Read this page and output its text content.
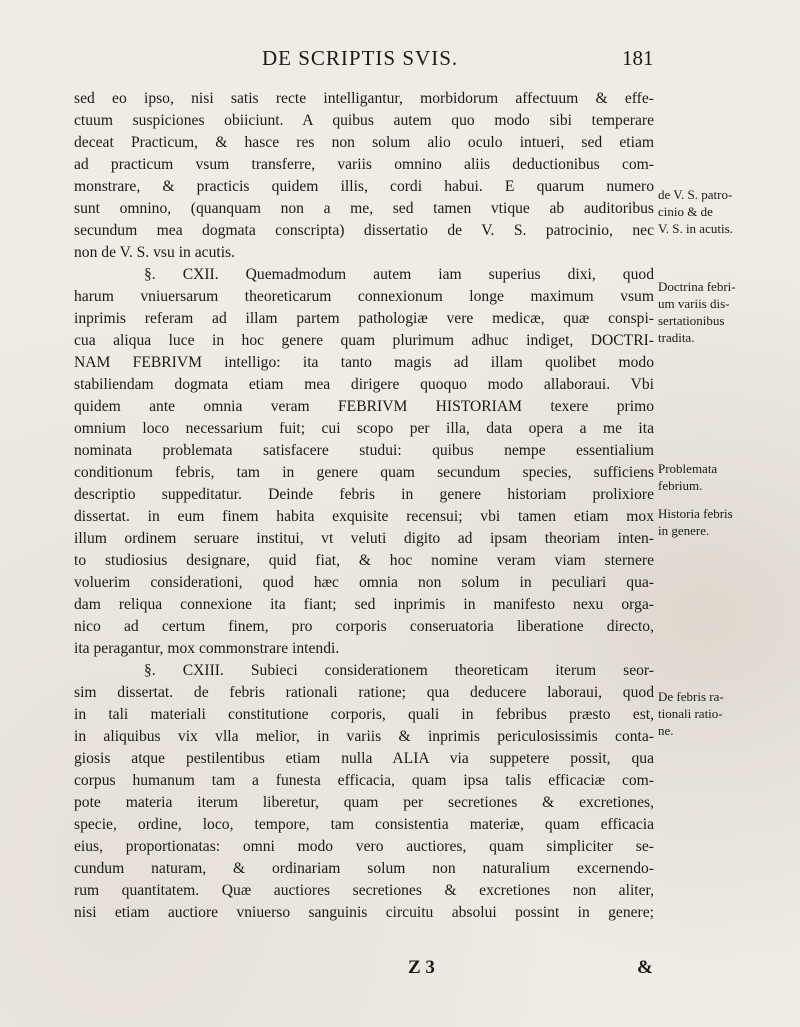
DE SCRIPTIS SVIS.	181
sed eo ipso, nisi satis recte intelligantur, morbidorum affectuum & effe-
ctuum suspiciones obiiciunt. A quibus autem quo modo sibi temperare
deceat Practicum, & hasce res non solum alio oculo intueri, sed etiam
ad practicum vsum transferre, variis omnino aliis deductionibus com-
monstrare, & practicis quidem illis, cordi habui. E quarum numero
sunt omnino, (quanquam non a me, sed tamen vtique ab auditoribus
secundum mea dogmata conscripta) dissertatio de V. S. patrocinio, nec
non de V. S. vsu in acutis.
§. CXII. Quemadmodum autem iam superius dixi, quod
harum vniuersarum theoreticarum connexionum longe maximum vsum
inprimis referam ad illam partem pathologiæ vere medicæ, quæ conspi-
cua aliqua luce in hoc genere quam plurimum adhuc indiget, DOCTRI-
NAM FEBRIVM intelligo: ita tanto magis ad illam quolibet modo
stabiliendam dogmata etiam mea dirigere quoquo modo allaboraui. Vbi
quidem ante omnia veram FEBRIVM HISTORIAM texere primo
omnium loco necessarium fuit; cui scopo per illa, data opera a me ita
nominata problemata satisfacere studui: quibus nempe essentialium
conditionum febris, tam in genere quam secundum species, sufficiens
descriptio suppeditatur. Deinde febris in genere historiam prolixiore
dissertat. in eum finem habita exquisite recensui; vbi tamen etiam mox
illum ordinem seruare institui, vt veluti digito ad ipsam theoriam inten-
to studiosius designare, quid fiat, & hoc nomine veram viam sternere
voluerim considerationi, quod hæc omnia non solum in peculiari qua-
dam reliqua connexione ita fiant; sed inprimis in manifesto nexu orga-
nico ad certum finem, pro corporis conseruatoria liberatione directo,
ita peragantur, mox commonstrare intendi.
§. CXIII. Subieci considerationem theoreticam iterum seor-
sim dissertat. de febris rationali ratione; qua deducere laboraui, quod
in tali materiali constitutione corporis, quali in febribus præsto est,
in aliquibus vix vlla melior, in variis & inprimis periculosissimis conta-
giosis atque pestilentibus etiam nulla ALIA via suppetere possit, qua
corpus humanum tam a funesta efficacia, quam ipsa talis efficaciæ com-
pote materia iterum liberetur, quam per secretiones & excretiones,
specie, ordine, loco, tempore, tam consistentia materiæ, quam efficacia
eius, proportionatas: omni modo vero auctiores, quam simpliciter se-
cundum naturam, & ordinariam solum non naturalium excernendo-
rum quantitatem. Quæ auctiores secretiones & excretiones non aliter,
nisi etiam auctiore vniuerso sanguinis circuitu absolui possint in genere;
de V. S. patro-
cinio & de
V. S. in acutis.
Doctrina febri-
um variis dis-
sertationibus
tradita.
Problemata
febrium.
Historia febris
in genere.
De febris ra-
tionali ratio-
ne.
Z 3	&
